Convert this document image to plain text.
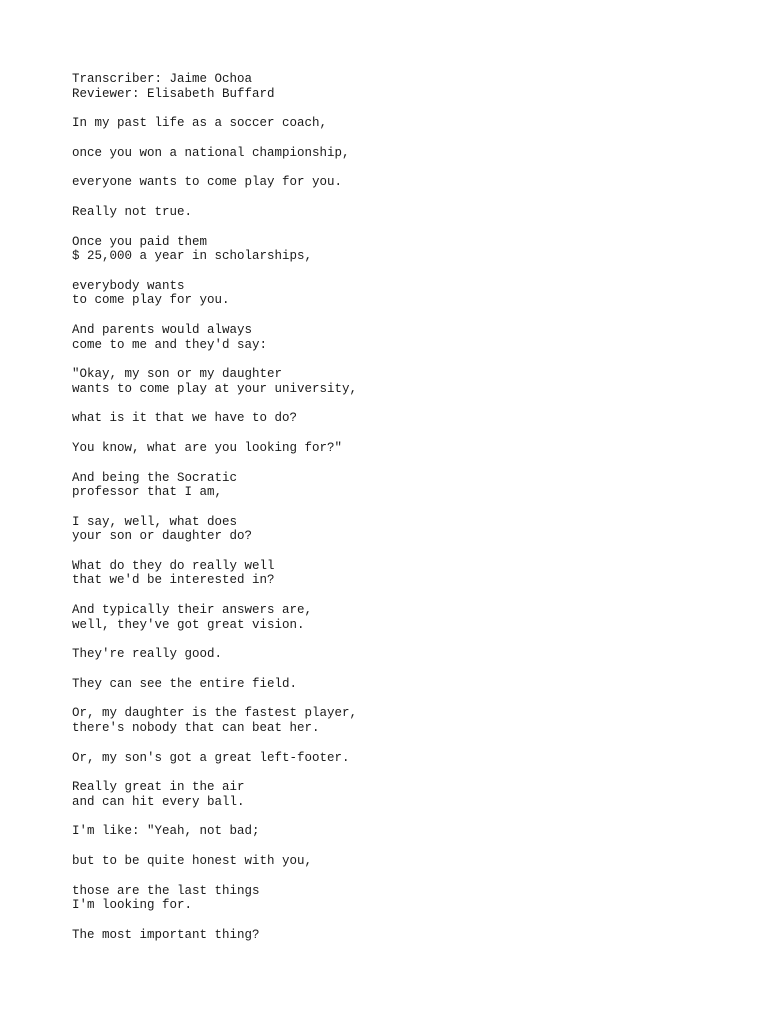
Transcriber: Jaime Ochoa
Reviewer: Elisabeth Buffard
In my past life as a soccer coach,
once you won a national championship,
everyone wants to come play for you.
Really not true.
Once you paid them
$ 25,000 a year in scholarships,
everybody wants
to come play for you.
And parents would always
come to me and they'd say:
"Okay, my son or my daughter
wants to come play at your university,
what is it that we have to do?
You know, what are you looking for?"
And being the Socratic
professor that I am,
I say, well, what does
your son or daughter do?
What do they do really well
that we'd be interested in?
And typically their answers are,
well, they've got great vision.
They're really good.
They can see the entire field.
Or, my daughter is the fastest player,
there's nobody that can beat her.
Or, my son's got a great left-footer.
Really great in the air
and can hit every ball.
I'm like: "Yeah, not bad;
but to be quite honest with you,
those are the last things
I'm looking for.
The most important thing?
